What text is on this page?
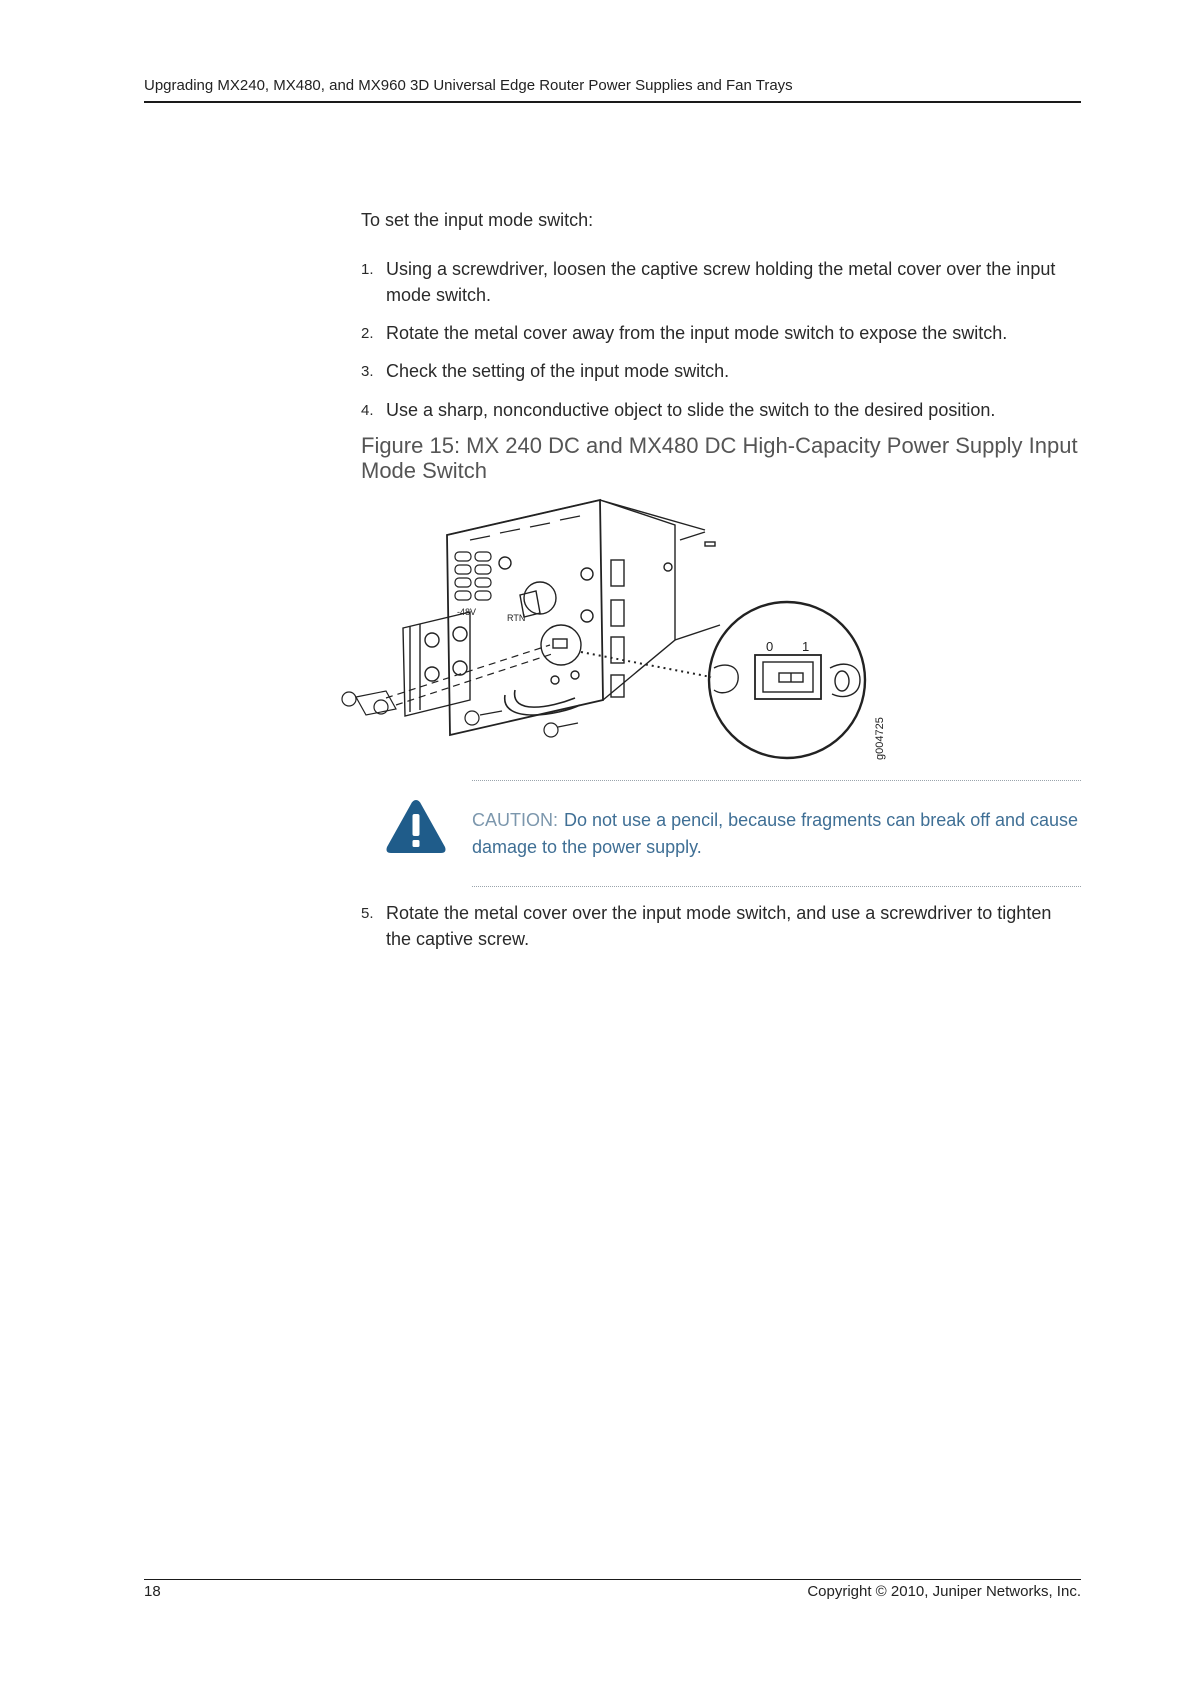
Upgrading MX240, MX480, and MX960 3D Universal Edge Router Power Supplies and Fan Trays
To set the input mode switch:
1. Using a screwdriver, loosen the captive screw holding the metal cover over the input mode switch.
2. Rotate the metal cover away from the input mode switch to expose the switch.
3. Check the setting of the input mode switch.
4. Use a sharp, nonconductive object to slide the switch to the desired position.
Figure 15: MX 240 DC and MX480 DC High-Capacity Power Supply Input Mode Switch
-48V
RTN
0 1
g004725
CAUTION: Do not use a pencil, because fragments can break off and cause damage to the power supply.
5. Rotate the metal cover over the input mode switch, and use a screwdriver to tighten the captive screw.
18	Copyright © 2010, Juniper Networks, Inc.
